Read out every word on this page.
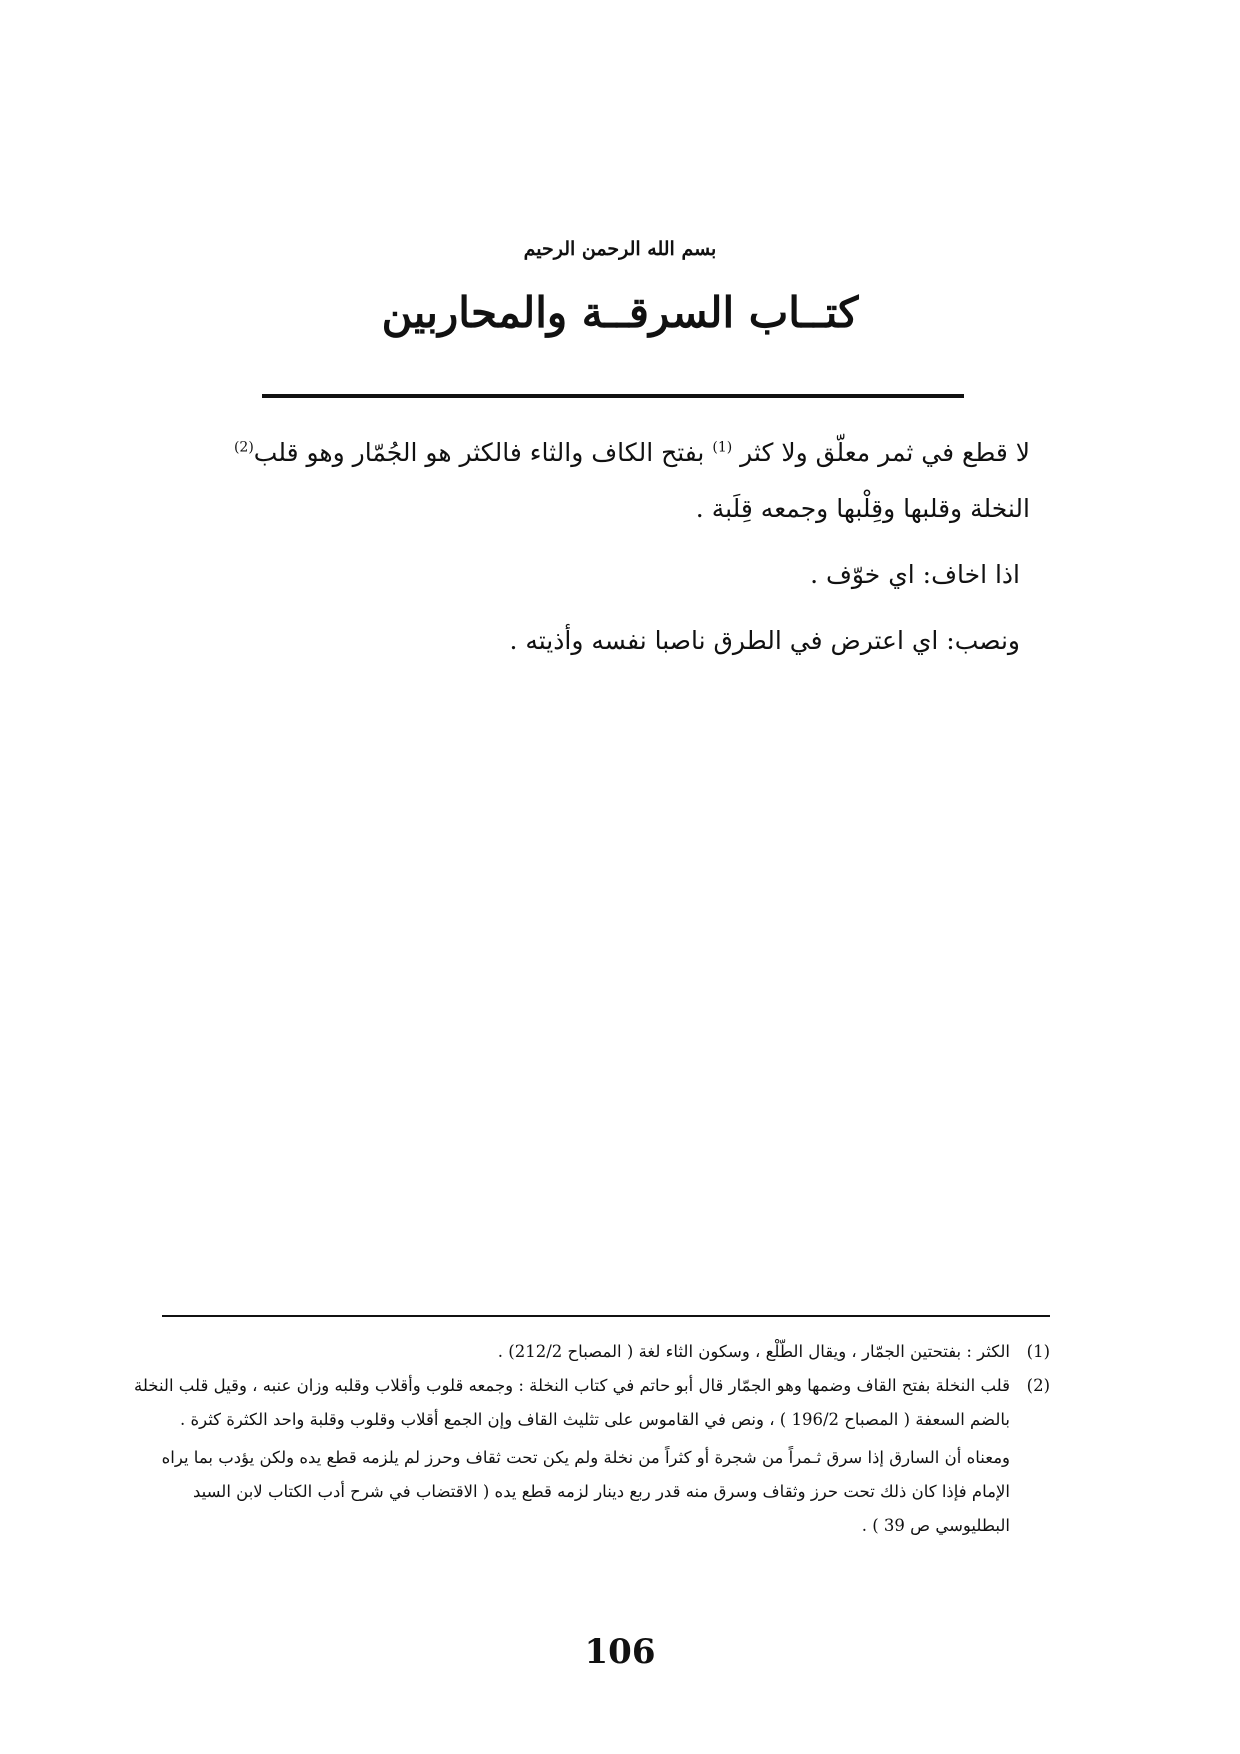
بسم الله الرحمن الرحيم
كتــاب السرقــة والمحاربين

لا قطع في ثمر معلّق ولا كثر $^{(1)}$ بفتح الكاف والثاء فالكثر هو الجُمّار وهو قلب$^{(2)}$ النخلة وقلبها وقِلْبها وجمعه قِلَبة .

اذا اخاف: اي خوّف .

ونصب: اي اعترض في الطرق ناصبا نفسه وأذيته .

(1)
الكثر : بفتحتين الجمّار ، ويقال الطّلْع ، وسكون الثاء لغة ( المصباح 212/2) .
(2)
قلب النخلة بفتح القاف وضمها وهو الجمّار قال أبو حاتم في كتاب النخلة : وجمعه قلوب وأقلاب وقلبه وزان عنبه ، وقيل قلب النخلة بالضم السعفة ( المصباح 196/2 ) ، ونص في القاموس على تثليث القاف وإن الجمع أقلاب وقلوب وقلبة واحد الكثرة كثرة .

ومعناه أن السارق إذا سرق ثـمراً من شجرة أو كثراً من نخلة ولم يكن تحت ثقاف وحرز لم يلزمه قطع يده ولكن يؤدب بما يراه الإمام فإذا كان ذلك تحت حرز وثقاف وسرق منه قدر ربع دينار لزمه قطع يده ( الاقتضاب في شرح أدب الكتاب لابن السيد البطليوسي ص 39 ) .

106
